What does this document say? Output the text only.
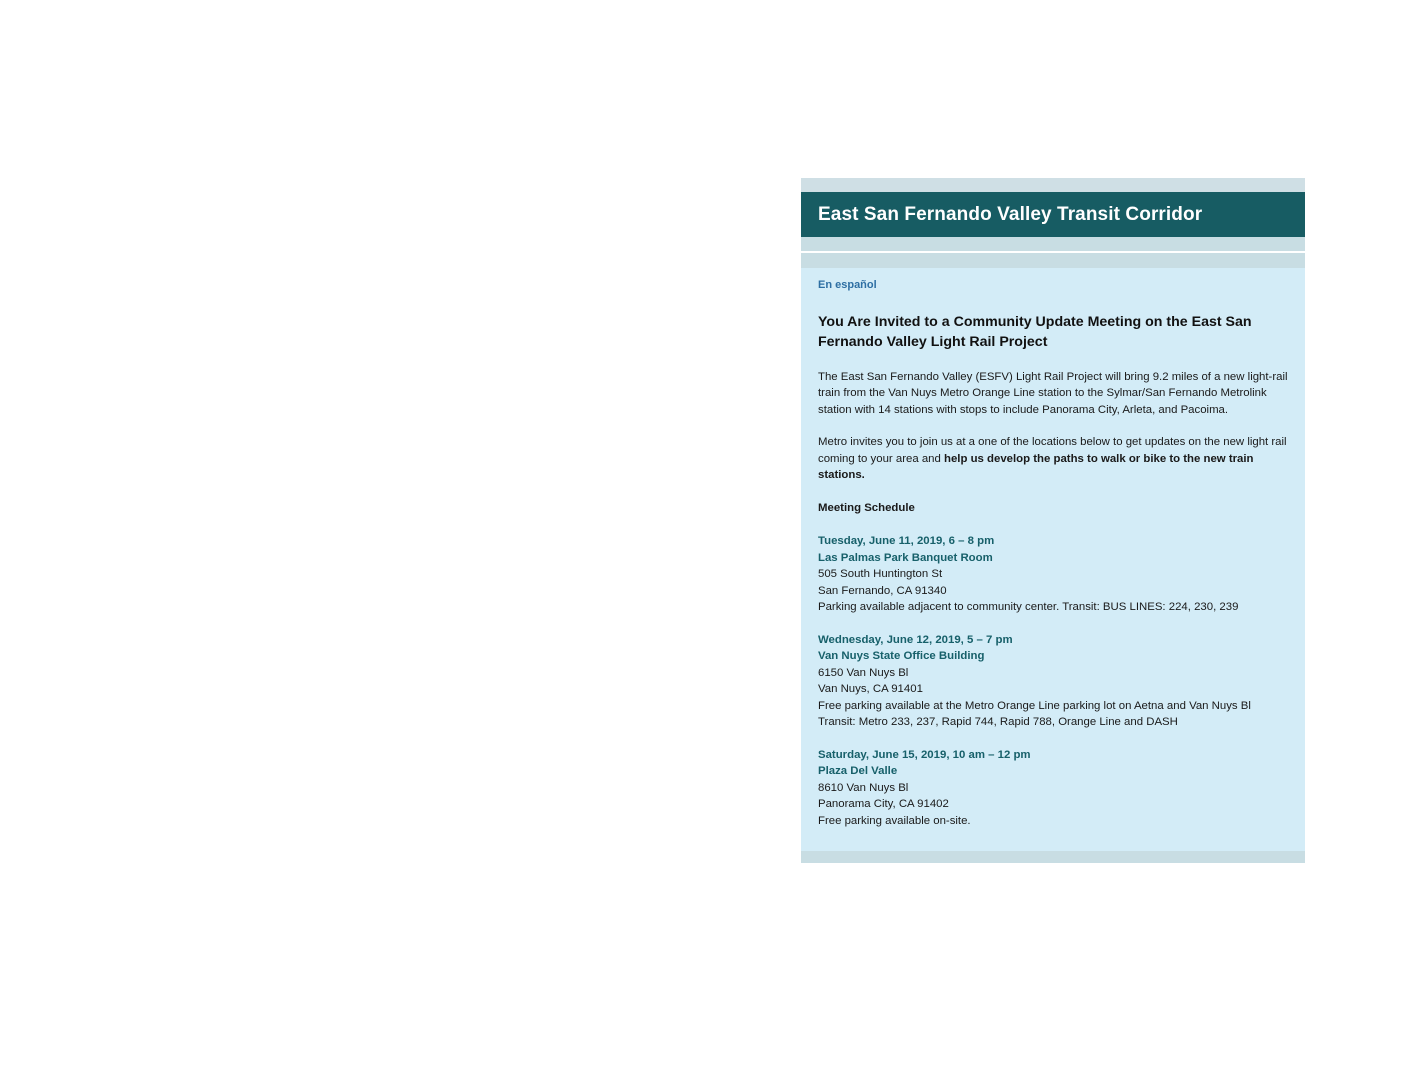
East San Fernando Valley Transit Corridor
En español
You Are Invited to a Community Update Meeting on the East San Fernando Valley Light Rail Project

The East San Fernando Valley (ESFV) Light Rail Project will bring 9.2 miles of a new light-rail train from the Van Nuys Metro Orange Line station to the Sylmar/San Fernando Metrolink station with 14 stations with stops to include Panorama City, Arleta, and Pacoima.

Metro invites you to join us at a one of the locations below to get updates on the new light rail coming to your area and help us develop the paths to walk or bike to the new train stations.

Meeting Schedule
Tuesday, June 11, 2019, 6 – 8 pm
Las Palmas Park Banquet Room
505 South Huntington St
San Fernando, CA 91340
Parking available adjacent to community center. Transit: BUS LINES: 224, 230, 239
Wednesday, June 12, 2019, 5 – 7 pm
Van Nuys State Office Building
6150 Van Nuys Bl
Van Nuys, CA 91401
Free parking available at the Metro Orange Line parking lot on Aetna and Van Nuys Bl
Transit: Metro 233, 237, Rapid 744, Rapid 788, Orange Line and DASH
Saturday, June 15, 2019, 10 am – 12 pm
Plaza Del Valle
8610 Van Nuys Bl
Panorama City, CA 91402
Free parking available on-site.
